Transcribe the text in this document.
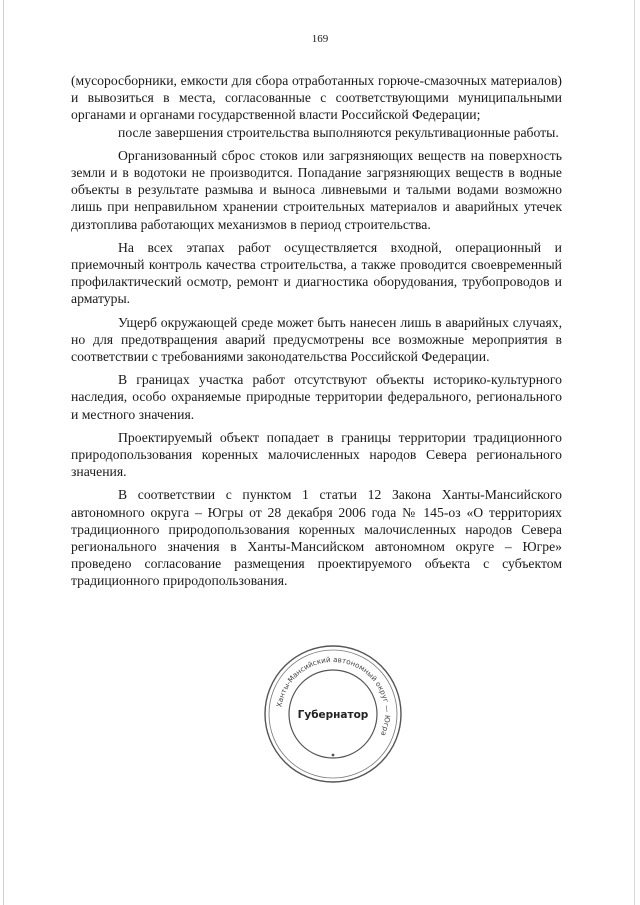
169

(мусоросборники, емкости для сбора отработанных горюче-смазочных материалов) и вывозиться в места, согласованные с соответствующими муниципальными органами и органами государственной власти Российской Федерации;

после завершения строительства выполняются рекультивационные работы.

Организованный сброс стоков или загрязняющих веществ на поверхность земли и в водотоки не производится. Попадание загрязняющих веществ в водные объекты в результате размыва и выноса ливневыми и талыми водами возможно лишь при неправильном хранении строительных материалов и аварийных утечек дизтоплива работающих механизмов в период строительства.

На всех этапах работ осуществляется входной, операционный и приемочный контроль качества строительства, а также проводится своевременный профилактический осмотр, ремонт и диагностика оборудования, трубопроводов и арматуры.

Ущерб окружающей среде может быть нанесен лишь в аварийных случаях, но для предотвращения аварий предусмотрены все возможные мероприятия в соответствии с требованиями законодательства Российской Федерации.

В границах участка работ отсутствуют объекты историко-культурного наследия, особо охраняемые природные территории федерального, регионального и местного значения.

Проектируемый объект попадает в границы территории традиционного природопользования коренных малочисленных народов Севера регионального значения.

В соответствии с пунктом 1 статьи 12 Закона Ханты-Мансийского автономного округа – Югры от 28 декабря 2006 года № 145-оз «О территориях традиционного природопользования коренных малочисленных народов Севера регионального значения в Ханты-Мансийском автономном округе – Югре» проведено согласование размещения проектируемого объекта с субъектом традиционного природопользования.

Ханты-Мансийский автономный округ — Югра
Губернатор
